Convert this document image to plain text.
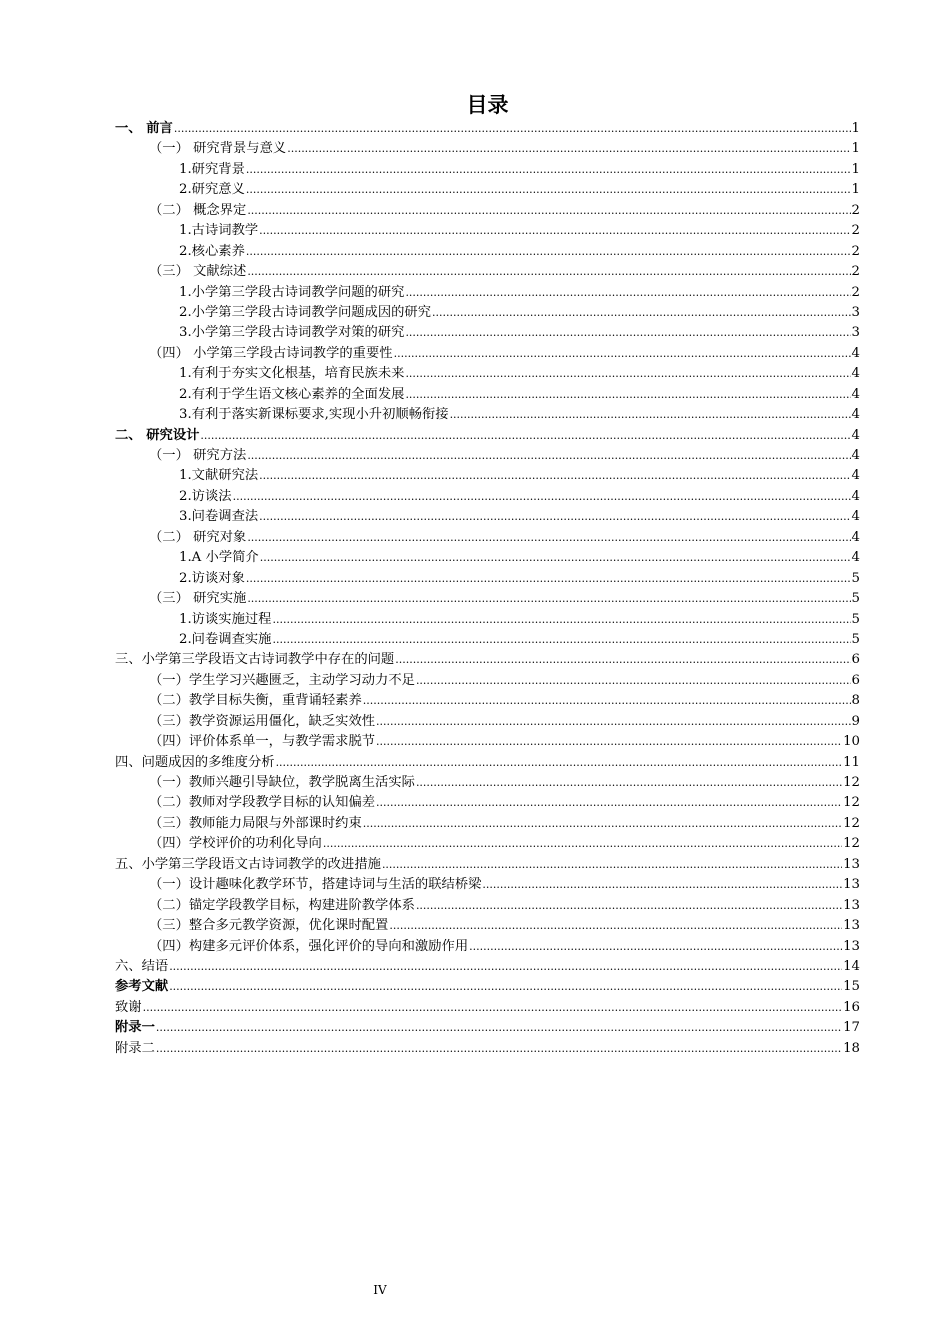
目录
一、 前言 .....	1
（一） 研究背景与意义 .....	1
1.研究背景 .....	1
2.研究意义 .....	1
（二） 概念界定 .....	2
1.古诗词教学 .....	2
2.核心素养 .....	2
（三） 文献综述 .....	2
1.小学第三学段古诗词教学问题的研究 .....	2
2.小学第三学段古诗词教学问题成因的研究 .....	3
3.小学第三学段古诗词教学对策的研究 .....	3
（四） 小学第三学段古诗词教学的重要性 .....	4
1.有利于夯实文化根基，培育民族未来 .....	4
2.有利于学生语文核心素养的全面发展 .....	4
3.有利于落实新课标要求,实现小升初顺畅衔接 .....	4
二、 研究设计 .....	4
（一） 研究方法 .....	4
1.文献研究法 .....	4
2.访谈法 .....	4
3.问卷调查法 .....	4
（二） 研究对象 .....	4
1.A 小学简介 .....	4
2.访谈对象 .....	5
（三） 研究实施 .....	5
1.访谈实施过程 .....	5
2.问卷调查实施 .....	5
三、小学第三学段语文古诗词教学中存在的问题 .....	6
（一）学生学习兴趣匮乏，主动学习动力不足 .....	6
（二）教学目标失衡，重背诵轻素养 .....	8
（三）教学资源运用僵化，缺乏实效性 .....	9
（四）评价体系单一，与教学需求脱节 .....	10
四、问题成因的多维度分析 .....	11
（一）教师兴趣引导缺位，教学脱离生活实际 .....	12
（二）教师对学段教学目标的认知偏差 .....	12
（三）教师能力局限与外部课时约束 .....	12
（四）学校评价的功利化导向 .....	12
五、小学第三学段语文古诗词教学的改进措施 .....	13
（一）设计趣味化教学环节，搭建诗词与生活的联结桥梁 .....	13
（二）锚定学段教学目标，构建进阶教学体系 .....	13
（三）整合多元教学资源，优化课时配置 .....	13
（四）构建多元评价体系，强化评价的导向和激励作用 .....	13
六、结语 .....	14
参考文献 .....	15
致谢 .....	16
附录一 .....	17
附录二 .....	18
IV
